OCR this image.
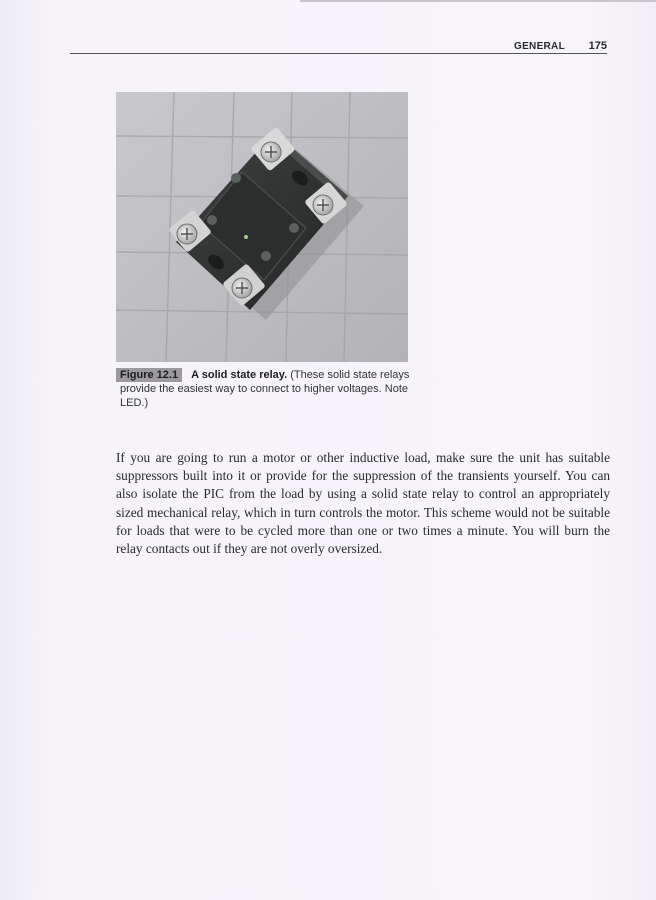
GENERAL 175
Figure 12.1 A solid state relay. (These solid state relays provide the easiest way to connect to higher voltages. Note LED.)

If you are going to run a motor or other inductive load, make sure the unit has suitable suppressors built into it or provide for the suppression of the transients yourself. You can also isolate the PIC from the load by using a solid state relay to control an appropriately sized mechanical relay, which in turn controls the motor. This scheme would not be suitable for loads that were to be cycled more than one or two times a minute. You will burn the relay contacts out if they are not overly oversized.
